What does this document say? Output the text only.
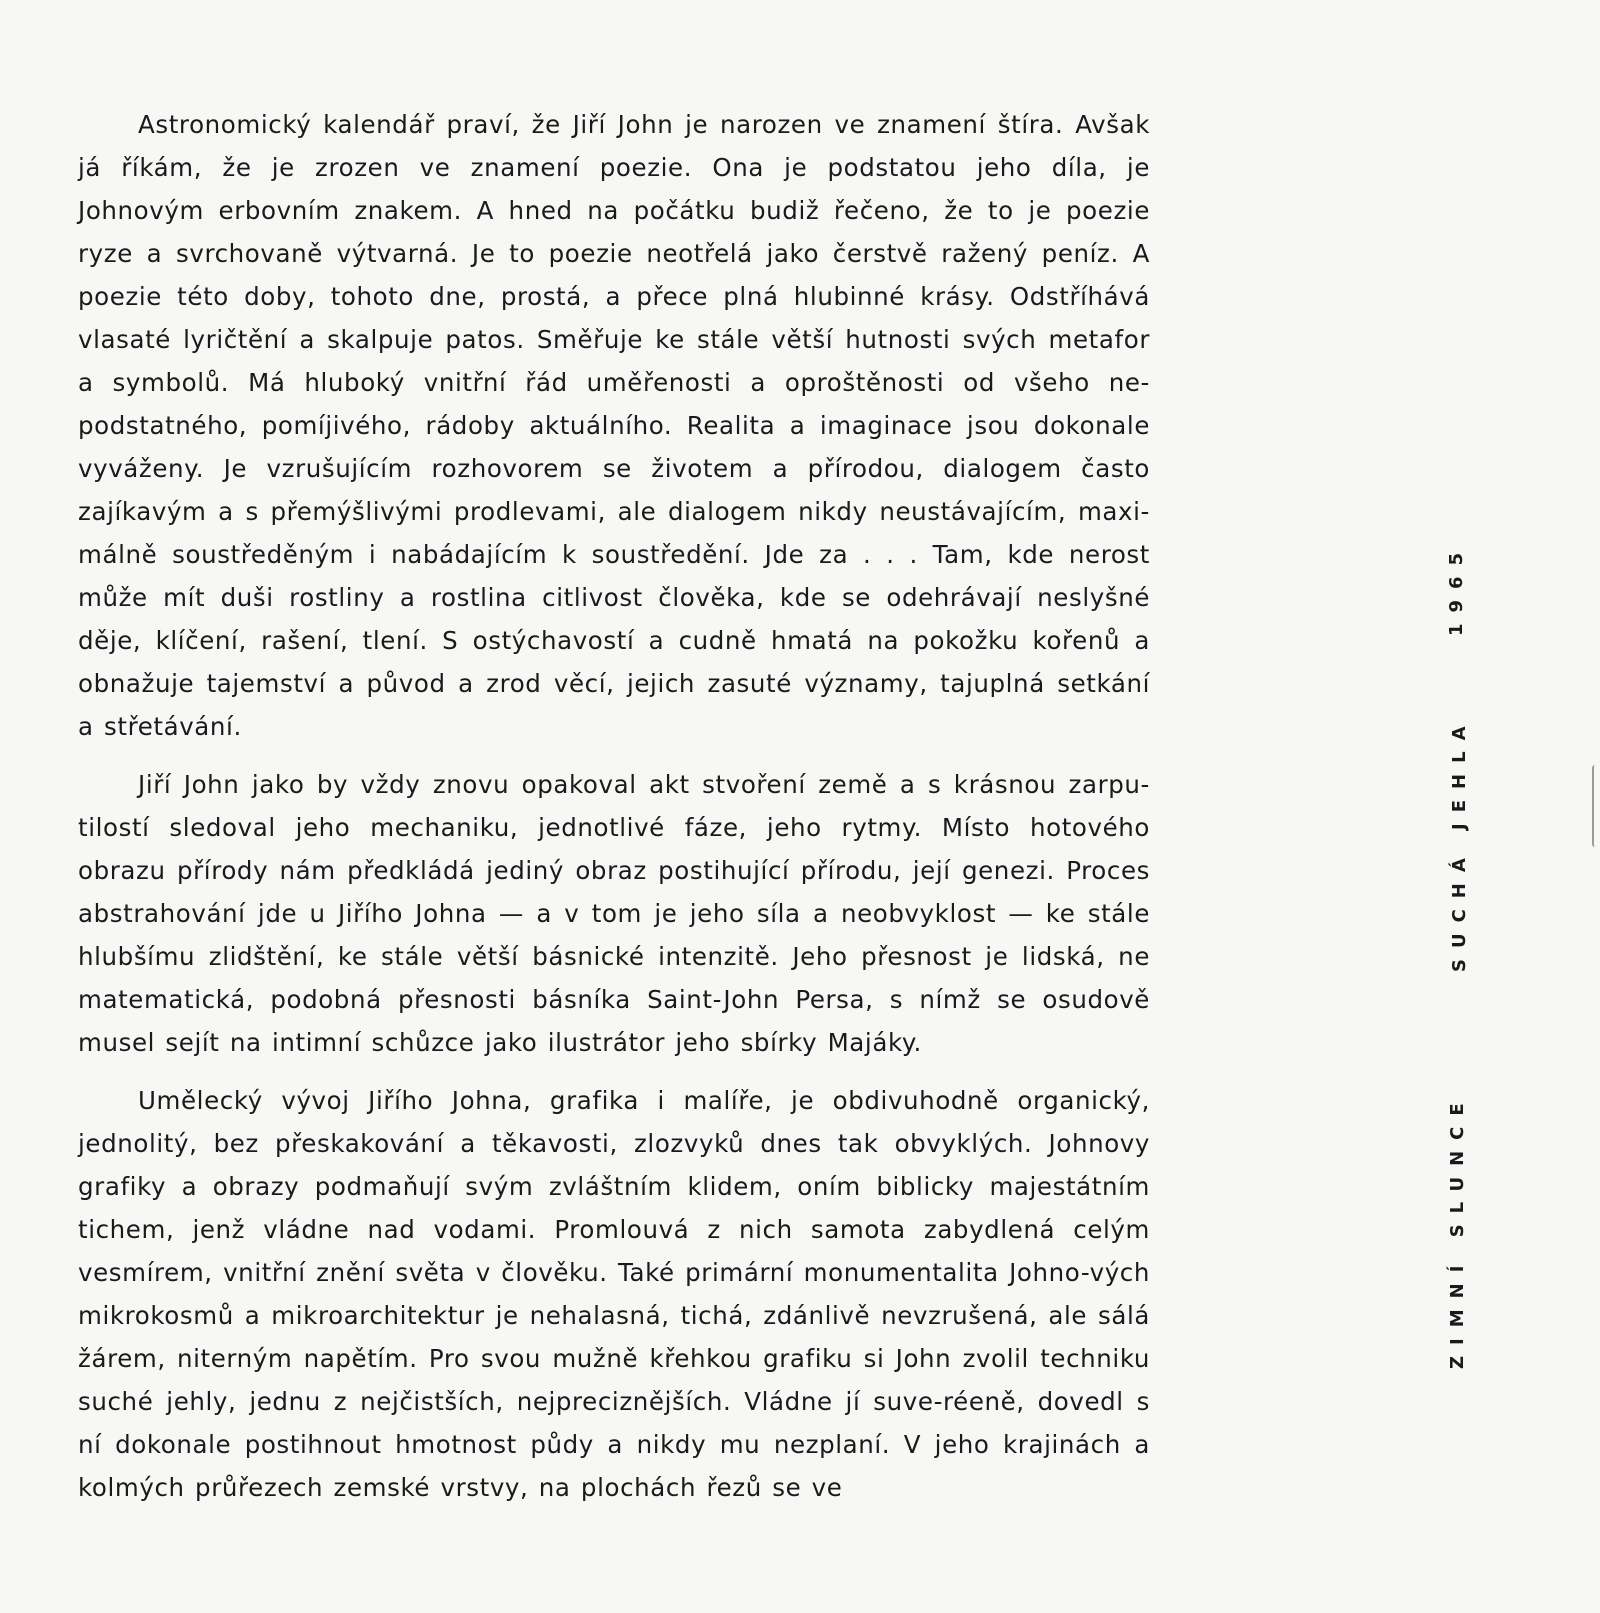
Astronomický kalendář praví, že Jiří John je narozen ve znamení štíra. Avšak já říkám, že je zrozen ve znamení poezie. Ona je podstatou jeho díla, je Johnovým erbovním znakem. A hned na počátku budiž řečeno, že to je poezie ryze a svrchovaně výtvarná. Je to poezie neotřelá jako čerstvě ražený peníz. A poezie této doby, tohoto dne, prostá, a přece plná hlubinné krásy. Odstříhává vlasaté lyričtění a skalpuje patos. Směřuje ke stále větší hutnosti svých metafor a symbolů. Má hluboký vnitřní řád uměřenosti a oproštěnosti od všeho ne-podstatného, pomíjivého, rádoby aktuálního. Realita a imaginace jsou dokonale vyváženy. Je vzrušujícím rozhovorem se životem a přírodou, dialogem často zajíkavým a s přemýšlivými prodlevami, ale dialogem nikdy neustávajícím, maxi-málně soustředěným i nabádajícím k soustředění. Jde za . . . Tam, kde nerost může mít duši rostliny a rostlina citlivost člověka, kde se odehrávají neslyšné děje, klíčení, rašení, tlení. S ostýchavostí a cudně hmatá na pokožku kořenů a obnažuje tajemství a původ a zrod věcí, jejich zasuté významy, tajuplná setkání a střetávání.

Jiří John jako by vždy znovu opakoval akt stvoření země a s krásnou zarpu-tilostí sledoval jeho mechaniku, jednotlivé fáze, jeho rytmy. Místo hotového obrazu přírody nám předkládá jediný obraz postihující přírodu, její genezi. Proces abstrahování jde u Jiřího Johna — a v tom je jeho síla a neobvyklost — ke stále hlubšímu zlidštění, ke stále větší básnické intenzitě. Jeho přesnost je lidská, ne matematická, podobná přesnosti básníka Saint-John Persa, s nímž se osudově musel sejít na intimní schůzce jako ilustrátor jeho sbírky Majáky.

Umělecký vývoj Jiřího Johna, grafika i malíře, je obdivuhodně organický, jednolitý, bez přeskakování a těkavosti, zlozvyků dnes tak obvyklých. Johnovy grafiky a obrazy podmaňují svým zvláštním klidem, oním biblicky majestátním tichem, jenž vládne nad vodami. Promlouvá z nich samota zabydlená celým vesmírem, vnitřní znění světa v člověku. Také primární monumentalita Johno-vých mikrokosmů a mikroarchitektur je nehalasná, tichá, zdánlivě nevzrušená, ale sálá žárem, niterným napětím. Pro svou mužně křehkou grafiku si John zvolil techniku suché jehly, jednu z nejčistších, nejprecizněјších. Vládne jí suve-réeně, dovedl s ní dokonale postihnout hmotnost půdy a nikdy mu nezplaní. V jeho krajinách a kolmých průřezech zemské vrstvy, na plochách řezů se ve

1965
SUCHÁ JEHLA
ZIMNÍ SLUNCE
